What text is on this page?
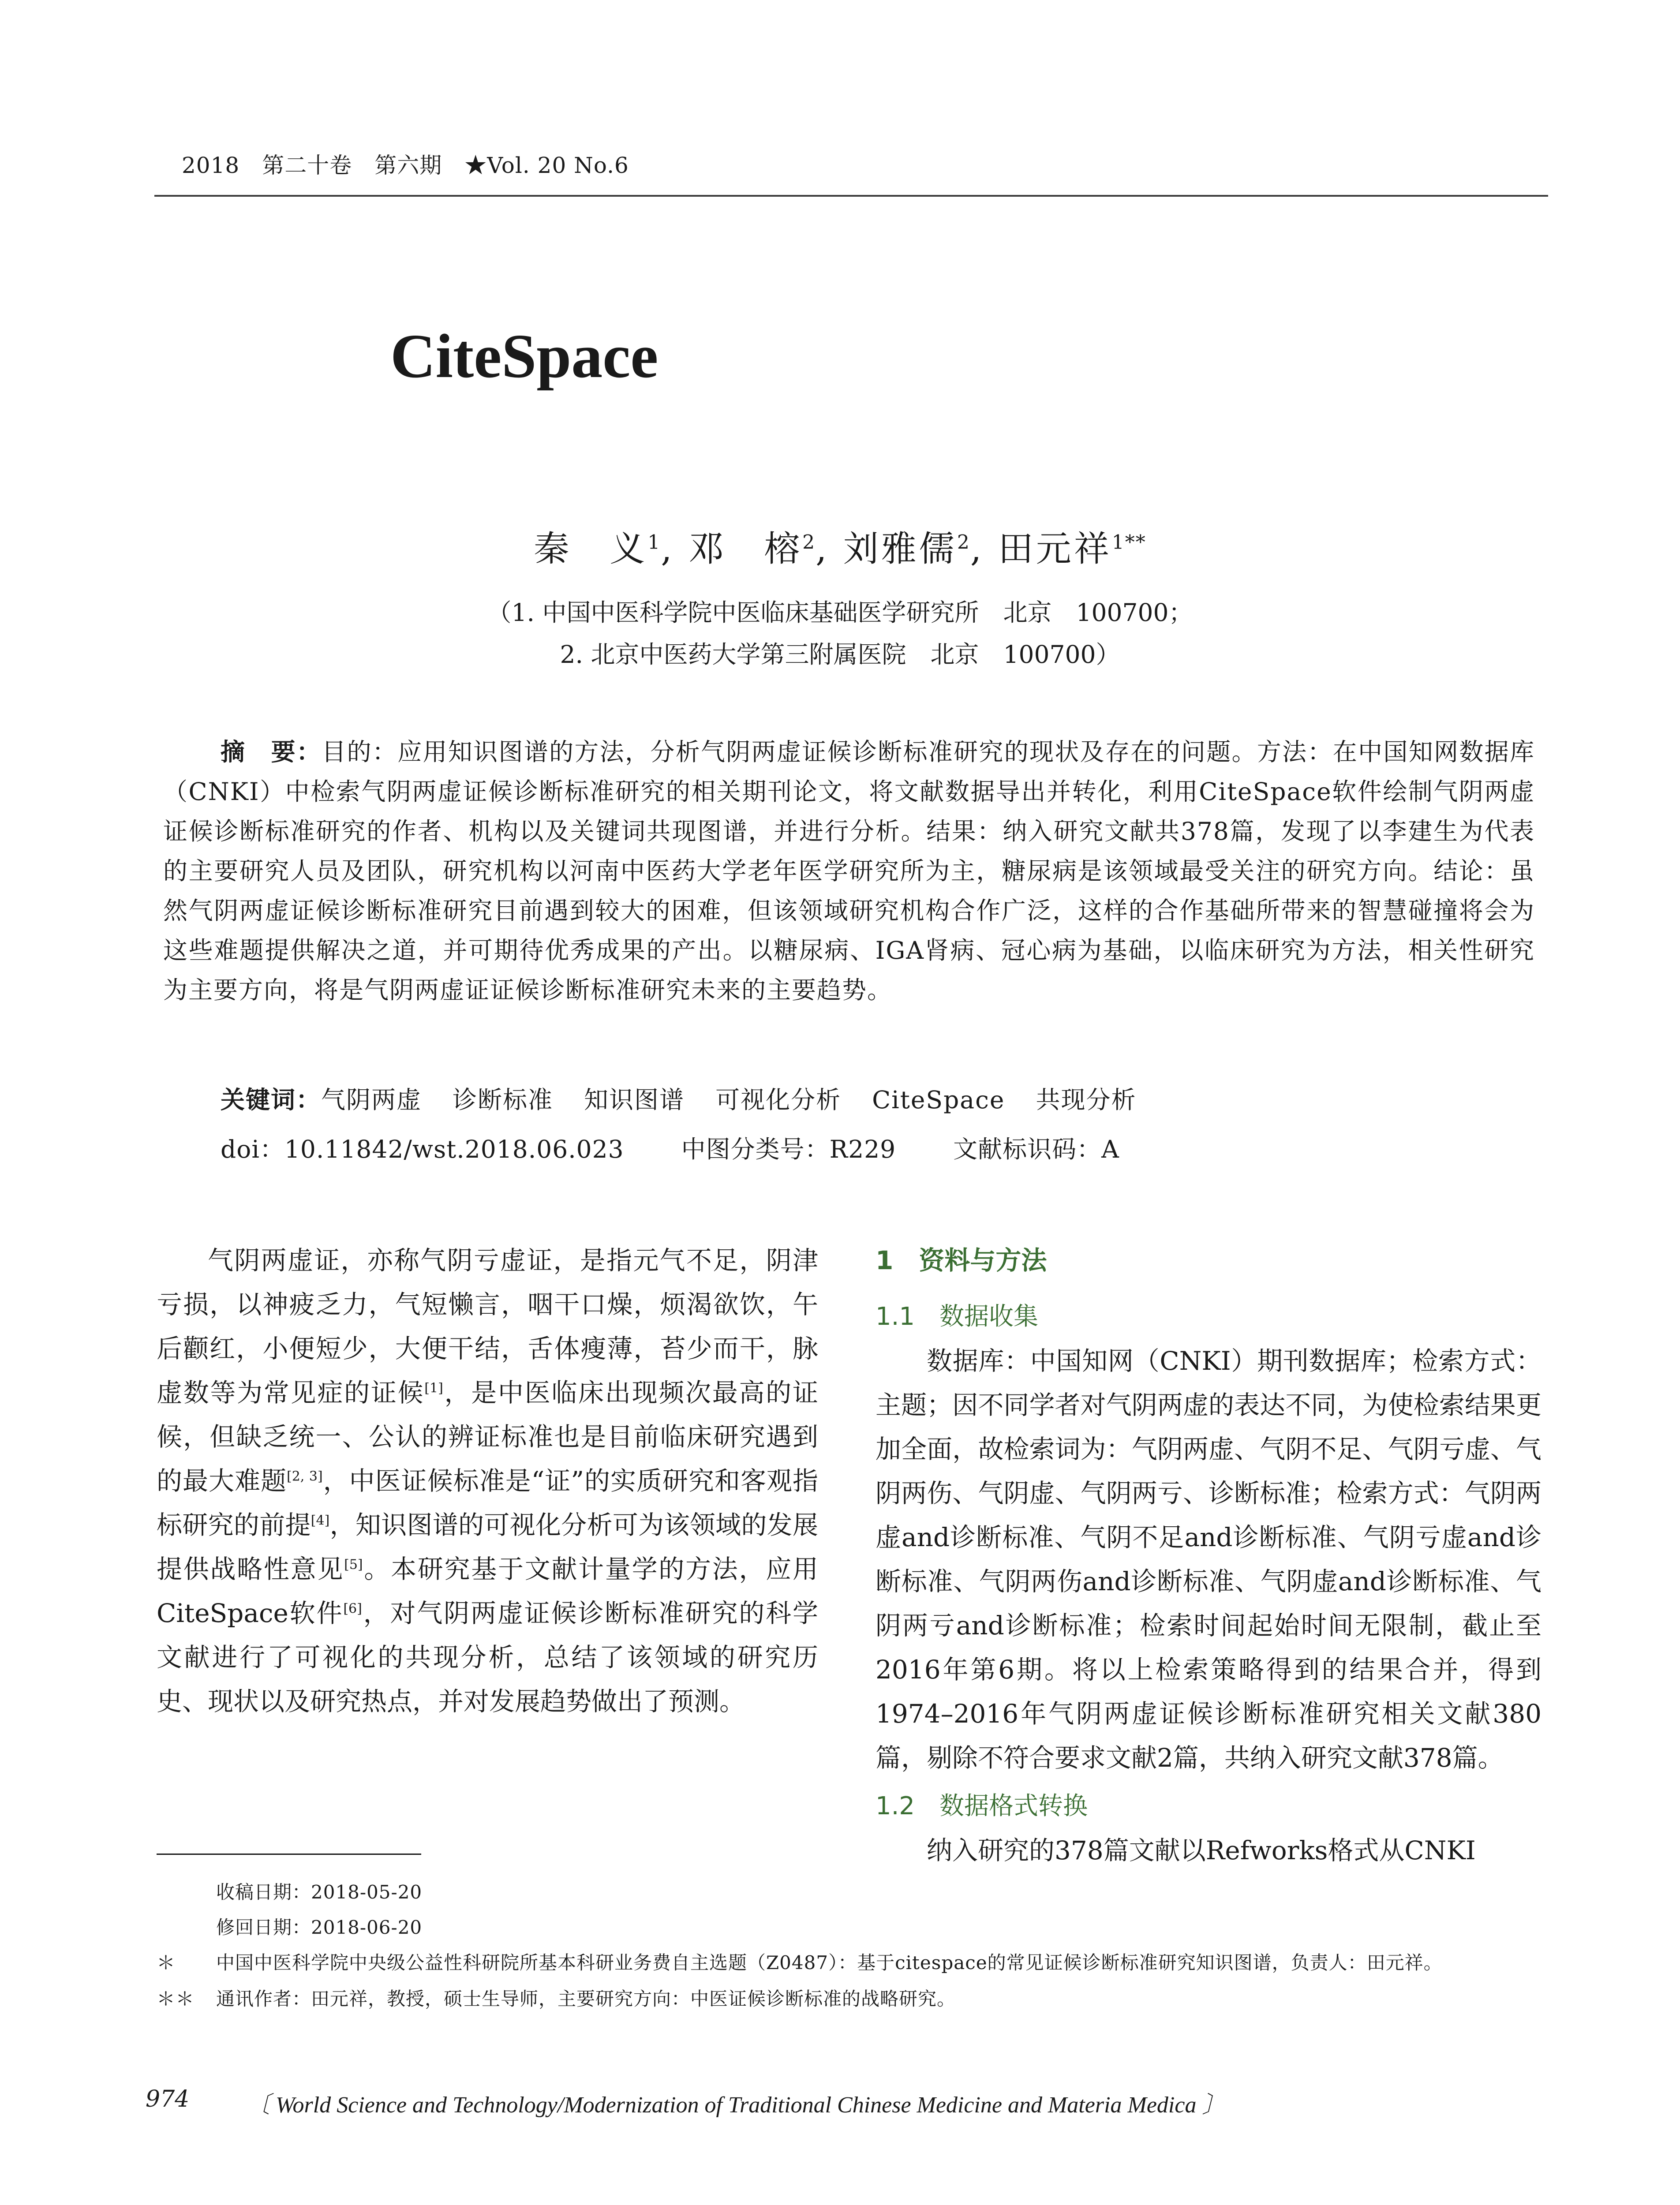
2018　第二十卷　第六期　★Vol. 20 No.6
CiteSpace
秦　义$^1$, 邓　榕$^2$, 刘雅儒$^2$, 田元祥$^{1**}$
（1. 中国中医科学院中医临床基础医学研究所　北京　100700；
2. 北京中医药大学第三附属医院　北京　100700）
摘　要：目的：应用知识图谱的方法，分析气阴两虚证候诊断标准研究的现状及存在的问题。方法：在中国知网数据库（CNKI）中检索气阴两虚证候诊断标准研究的相关期刊论文，将文献数据导出并转化，利用CiteSpace软件绘制气阴两虚证候诊断标准研究的作者、机构以及关键词共现图谱，并进行分析。结果：纳入研究文献共378篇，发现了以李建生为代表的主要研究人员及团队，研究机构以河南中医药大学老年医学研究所为主，糖尿病是该领域最受关注的研究方向。结论：虽然气阴两虚证候诊断标准研究目前遇到较大的困难，但该领域研究机构合作广泛，这样的合作基础所带来的智慧碰撞将会为这些难题提供解决之道，并可期待优秀成果的产出。以糖尿病、IGA肾病、冠心病为基础，以临床研究为方法，相关性研究为主要方向，将是气阴两虚证证候诊断标准研究未来的主要趋势。
关键词：气阴两虚 诊断标准 知识图谱 可视化分析 CiteSpace 共现分析
doi：10.11842/wst.2018.06.023 中图分类号：R229 文献标识码：A

气阴两虚证，亦称气阴亏虚证，是指元气不足，阴津亏损，以神疲乏力，气短懒言，咽干口燥，烦渴欲饮，午后颧红，小便短少，大便干结，舌体瘦薄，苔少而干，脉虚数等为常见症的证候[1]，是中医临床出现频次最高的证候，但缺乏统一、公认的辨证标准也是目前临床研究遇到的最大难题[2, 3]，中医证候标准是“证”的实质研究和客观指标研究的前提[4]，知识图谱的可视化分析可为该领域的发展提供战略性意见[5]。本研究基于文献计量学的方法，应用CiteSpace软件[6]，对气阴两虚证候诊断标准研究的科学文献进行了可视化的共现分析，总结了该领域的研究历史、现状以及研究热点，并对发展趋势做出了预测。

1　资料与方法

1.1　数据收集

数据库：中国知网（CNKI）期刊数据库；检索方式：主题；因不同学者对气阴两虚的表达不同，为使检索结果更加全面，故检索词为：气阴两虚、气阴不足、气阴亏虚、气阴两伤、气阴虚、气阴两亏、诊断标准；检索方式：气阴两虚and诊断标准、气阴不足and诊断标准、气阴亏虚and诊断标准、气阴两伤and诊断标准、气阴虚and诊断标准、气阴两亏and诊断标准；检索时间起始时间无限制，截止至2016年第6期。将以上检索策略得到的结果合并，得到1974–2016年气阴两虚证候诊断标准研究相关文献380篇，剔除不符合要求文献2篇，共纳入研究文献378篇。

1.2　数据格式转换

纳入研究的378篇文献以Refworks格式从CNKI

收稿日期：2018-05-20
修回日期：2018-06-20
＊ 中国中医科学院中央级公益性科研院所基本科研业务费自主选题（Z0487）：基于citespace的常见证候诊断标准研究知识图谱，负责人：田元祥。
＊＊ 通讯作者：田元祥，教授，硕士生导师，主要研究方向：中医证候诊断标准的战略研究。
974	〔 World Science and Technology/Modernization of Traditional Chinese Medicine and Materia Medica 〕
